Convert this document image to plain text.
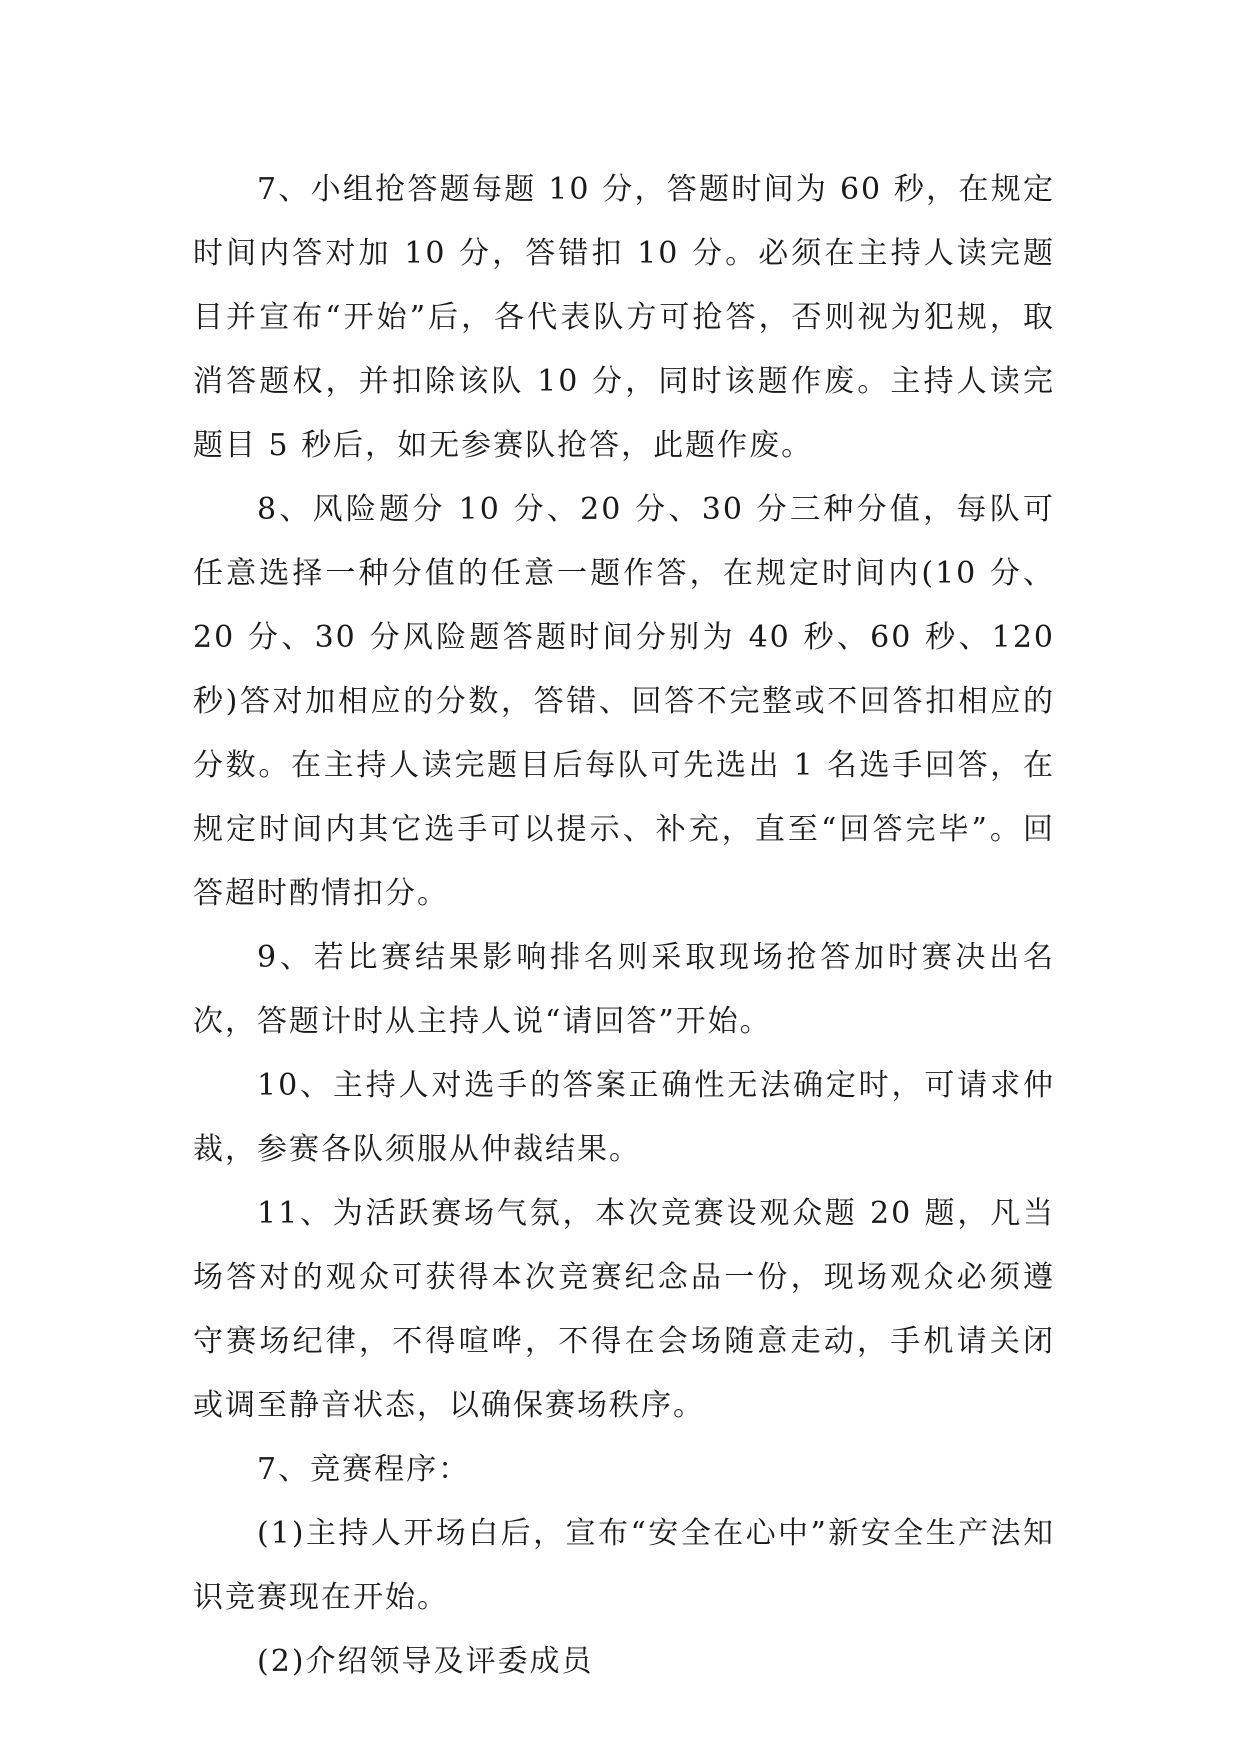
7、小组抢答题每题 10 分，答题时间为 60 秒，在规定时间内答对加 10 分，答错扣 10 分。必须在主持人读完题目并宣布“开始”后，各代表队方可抢答，否则视为犯规，取消答题权，并扣除该队 10 分，同时该题作废。主持人读完题目 5 秒后，如无参赛队抢答，此题作废。

8、风险题分 10 分、20 分、30 分三种分值，每队可任意选择一种分值的任意一题作答，在规定时间内(10 分、20 分、30 分风险题答题时间分别为 40 秒、60 秒、120 秒)答对加相应的分数，答错、回答不完整或不回答扣相应的分数。在主持人读完题目后每队可先选出 1 名选手回答，在规定时间内其它选手可以提示、补充，直至“回答完毕”。回答超时酌情扣分。

9、若比赛结果影响排名则采取现场抢答加时赛决出名次，答题计时从主持人说“请回答”开始。

10、主持人对选手的答案正确性无法确定时，可请求仲裁，参赛各队须服从仲裁结果。

11、为活跃赛场气氛，本次竞赛设观众题 20 题，凡当场答对的观众可获得本次竞赛纪念品一份，现场观众必须遵守赛场纪律，不得喧哗，不得在会场随意走动，手机请关闭或调至静音状态，以确保赛场秩序。

7、竞赛程序：

(1)主持人开场白后，宣布“安全在心中”新安全生产法知识竞赛现在开始。

(2)介绍领导及评委成员
